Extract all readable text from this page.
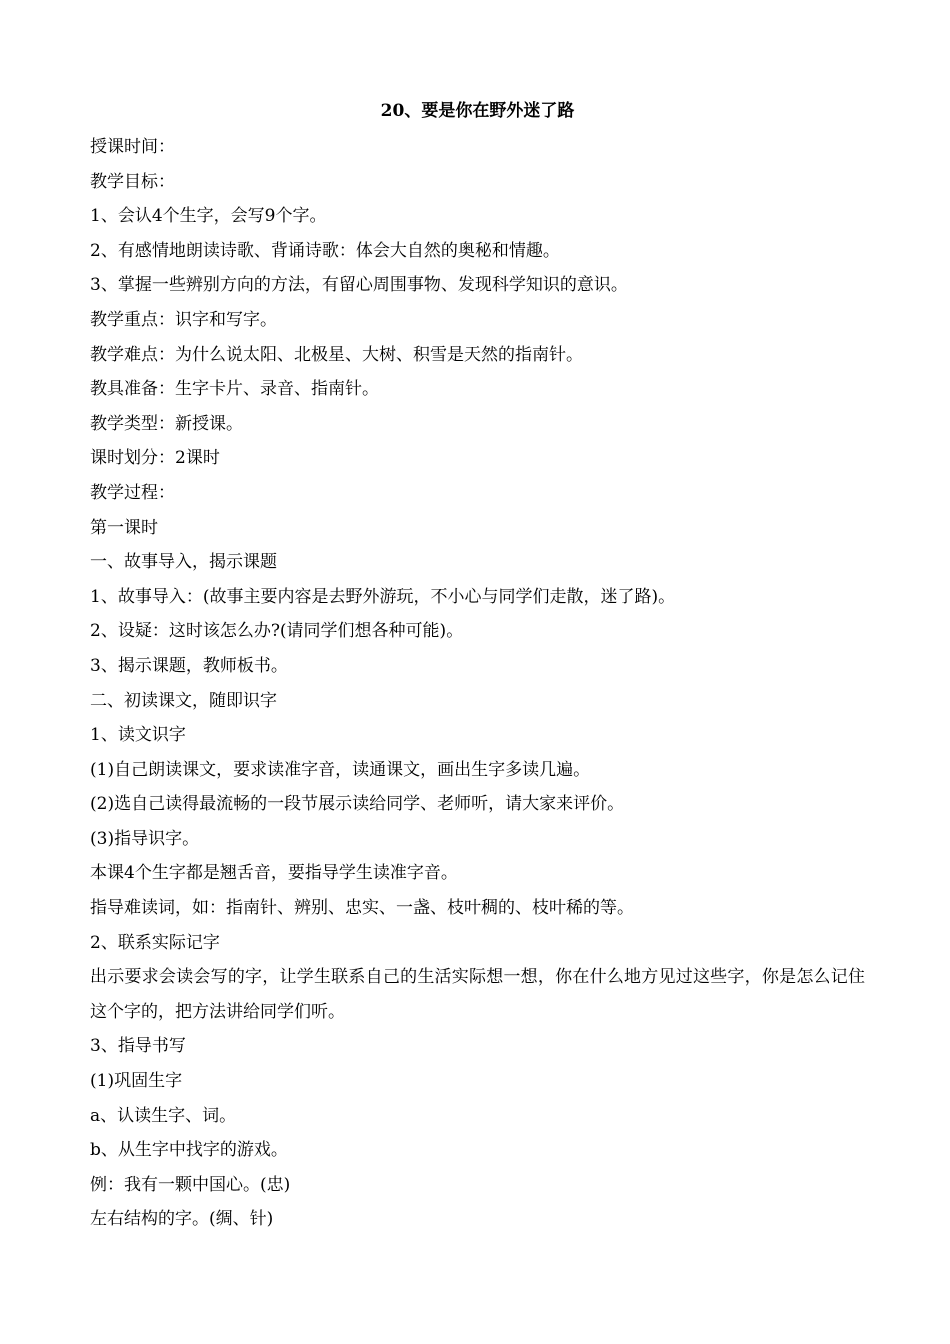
20、要是你在野外迷了路

授课时间：

教学目标：

1、会认4个生字，会写9个字。

2、有感情地朗读诗歌、背诵诗歌：体会大自然的奥秘和情趣。

3、掌握一些辨别方向的方法，有留心周围事物、发现科学知识的意识。

教学重点：识字和写字。

教学难点：为什么说太阳、北极星、大树、积雪是天然的指南针。

教具准备：生字卡片、录音、指南针。

教学类型：新授课。

课时划分：2课时

教学过程：

第一课时

一、故事导入，揭示课题

1、故事导入：(故事主要内容是去野外游玩，不小心与同学们走散，迷了路)。

2、设疑：这时该怎么办?(请同学们想各种可能)。

3、揭示课题，教师板书。

二、初读课文，随即识字

1、读文识字

(1)自己朗读课文，要求读准字音，读通课文，画出生字多读几遍。

(2)选自己读得最流畅的一段节展示读给同学、老师听，请大家来评价。

(3)指导识字。

本课4个生字都是翘舌音，要指导学生读准字音。

指导难读词，如：指南针、辨别、忠实、一盏、枝叶稠的、枝叶稀的等。

2、联系实际记字

出示要求会读会写的字，让学生联系自己的生活实际想一想，你在什么地方见过这些字，你是怎么记住这个字的，把方法讲给同学们听。

3、指导书写

(1)巩固生字

a、认读生字、词。

b、从生字中找字的游戏。

例：我有一颗中国心。(忠)

左右结构的字。(绸、针)
